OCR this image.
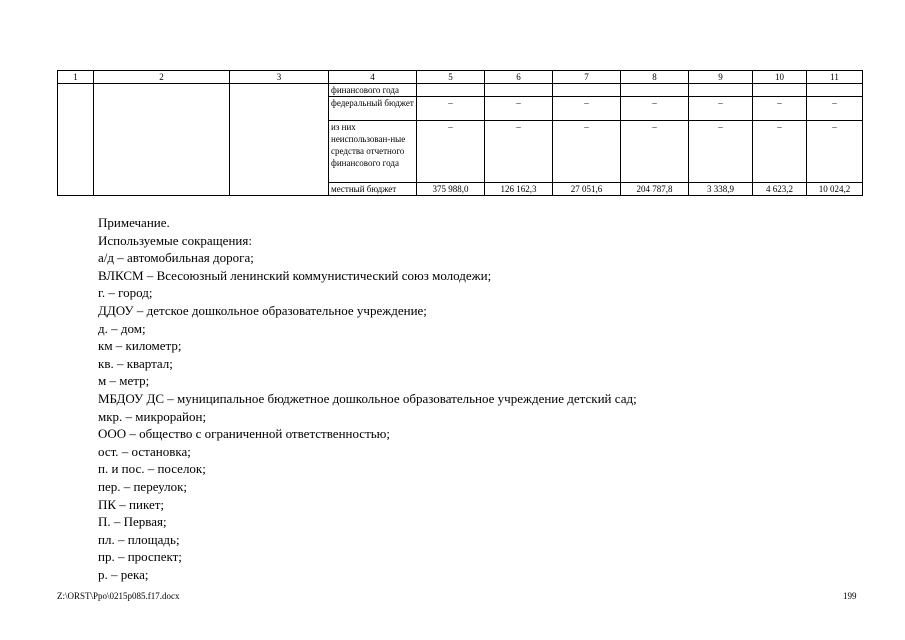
1	2	3	4	5	6	7	8	9	10	11
			финансового года							
			федеральный бюджет	–	–	–	–	–	–	–
			из них неиспользован-ные средства отчетного финансового года	–	–	–	–	–	–	–
			местный бюджет	375 988,0	126 162,3	27 051,6	204 787,8	3 338,9	4 623,2	10 024,2
Примечание.
Используемые сокращения:
а/д – автомобильная дорога;
ВЛКСМ – Всесоюзный ленинский коммунистический союз молодежи;
г. – город;
ДДОУ – детское дошкольное образовательное учреждение;
д. – дом;
км – километр;
кв. – квартал;
м – метр;
МБДОУ ДС – муниципальное бюджетное дошкольное образовательное учреждение детский сад;
мкр. – микрорайон;
ООО – общество с ограниченной ответственностью;
ост. – остановка;
п. и пос. – поселок;
пер. – переулок;
ПК – пикет;
П. – Первая;
пл. – площадь;
пр. – проспект;
р. – река;
Z:\ORST\Ppo\0215p085.f17.docx	199
